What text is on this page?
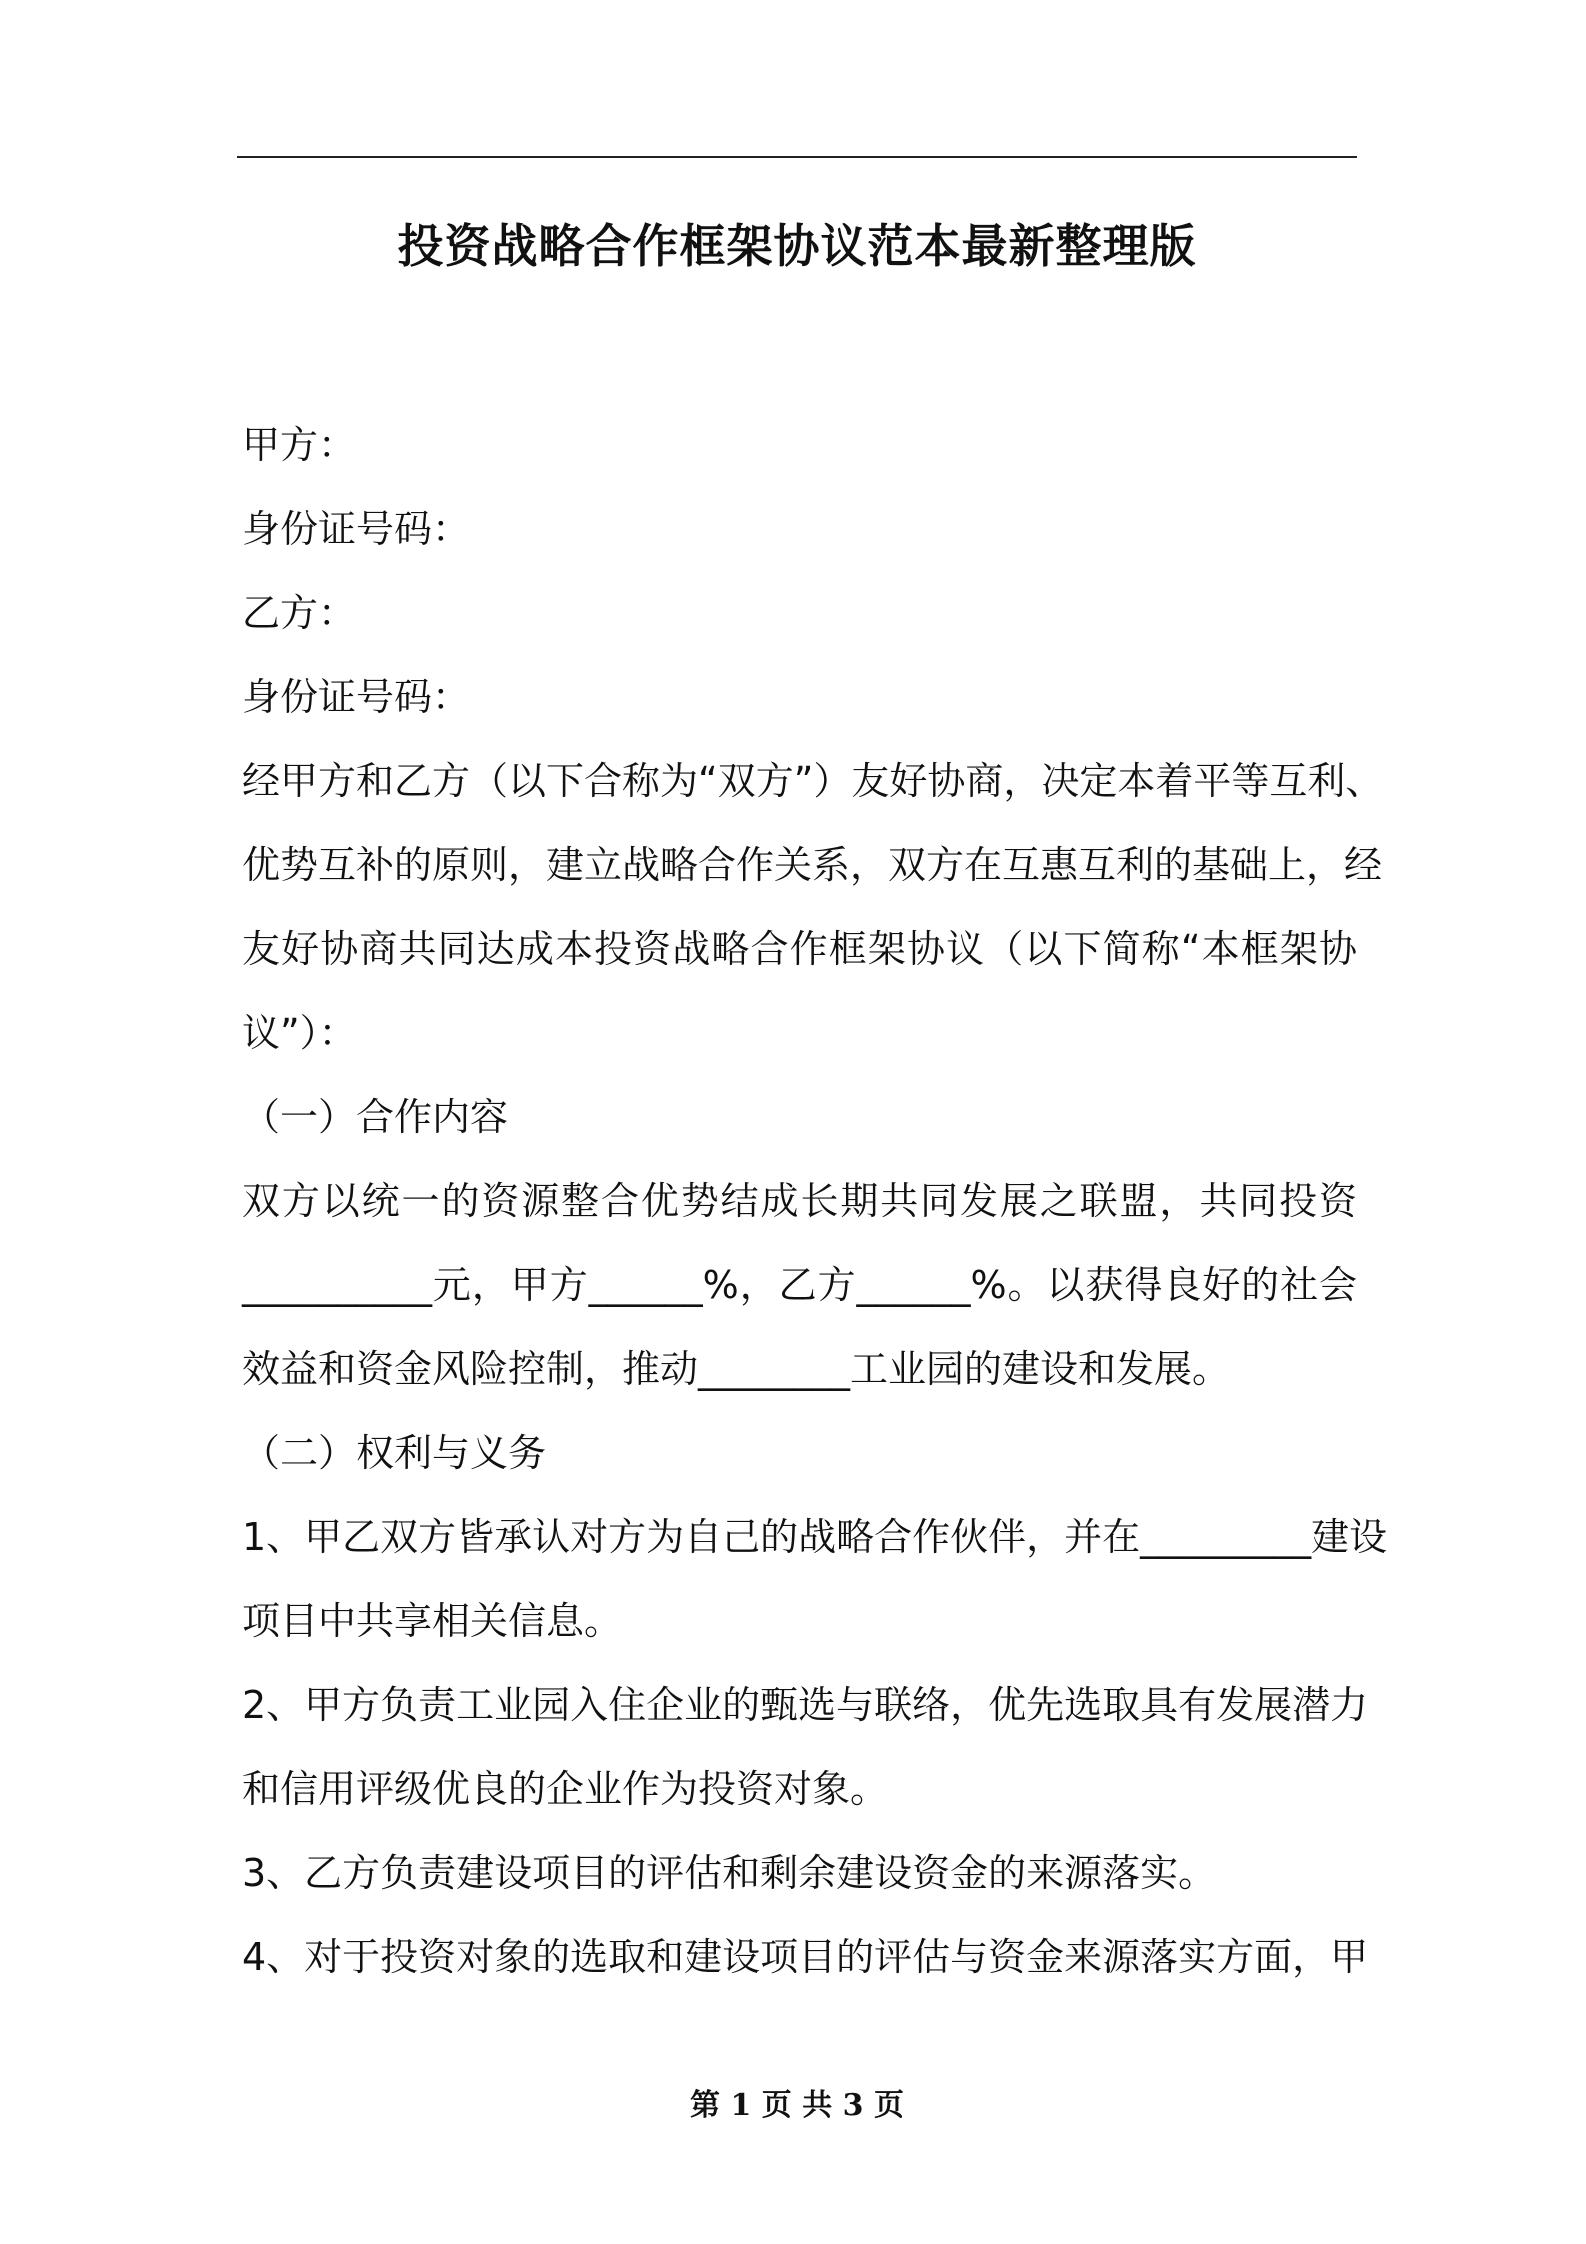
投资战略合作框架协议范本最新整理版
甲方：
身份证号码：
乙方：
身份证号码：
经甲方和乙方（以下合称为“双方”）友好协商，决定本着平等互利、
优势互补的原则，建立战略合作关系，双方在互惠互利的基础上，经
友好协商共同达成本投资战略合作框架协议（以下简称“本框架协
议”）：
（一）合作内容
双方以统一的资源整合优势结成长期共同发展之联盟，共同投资
__________元，甲方______%，乙方______%。以获得良好的社会
效益和资金风险控制，推动________工业园的建设和发展。
（二）权利与义务
1、甲乙双方皆承认对方为自己的战略合作伙伴，并在_________建设
项目中共享相关信息。
2、甲方负责工业园入住企业的甄选与联络，优先选取具有发展潜力
和信用评级优良的企业作为投资对象。
3、乙方负责建设项目的评估和剩余建设资金的来源落实。
4、对于投资对象的选取和建设项目的评估与资金来源落实方面，甲
第 1 页 共 3 页
